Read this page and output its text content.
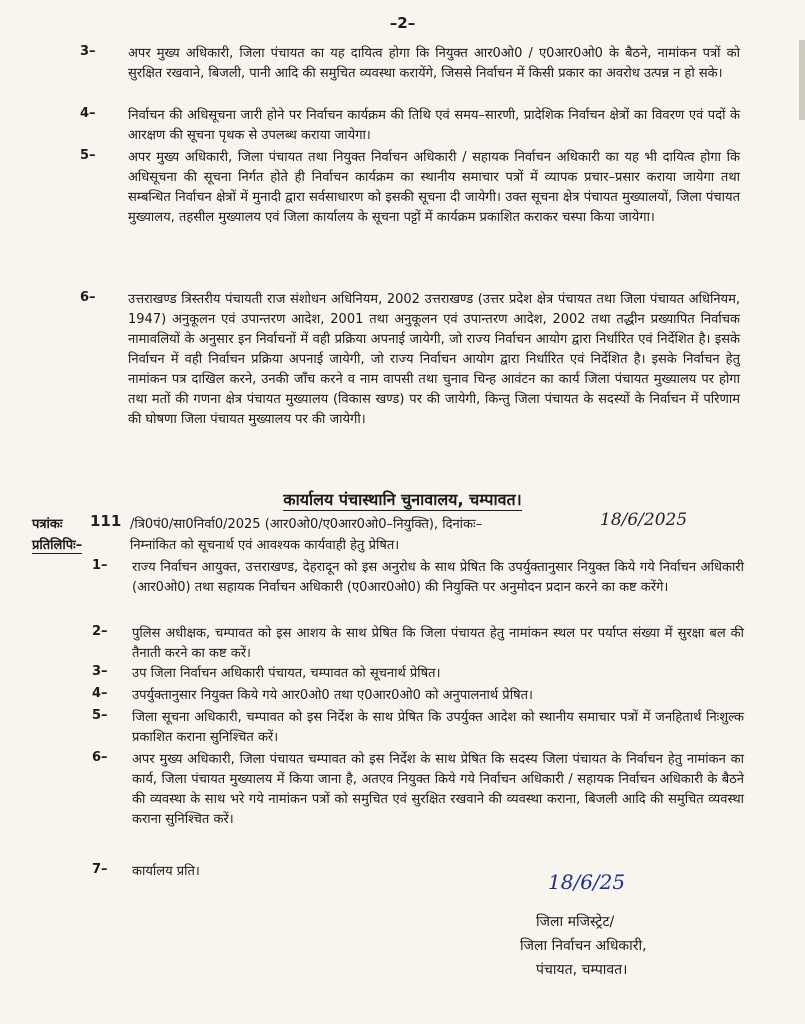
–2–
3– अपर मुख्य अधिकारी, जिला पंचायत का यह दायित्व होगा कि नियुक्त आर0ओ0 / ए0आर0ओ0 के बैठने, नामांकन पत्रों को सुरक्षित रखवाने, बिजली, पानी आदि की समुचित व्यवस्था करायेंगे, जिससे निर्वाचन में किसी प्रकार का अवरोध उत्पन्न न हो सके।
4– निर्वाचन की अधिसूचना जारी होने पर निर्वाचन कार्यक्रम की तिथि एवं समय–सारणी, प्रादेशिक निर्वाचन क्षेत्रों का विवरण एवं पदों के आरक्षण की सूचना पृथक से उपलब्ध कराया जायेगा।
5– अपर मुख्य अधिकारी, जिला पंचायत तथा नियुक्त निर्वाचन अधिकारी / सहायक निर्वाचन अधिकारी का यह भी दायित्व होगा कि अधिसूचना की सूचना निर्गत होते ही निर्वाचन कार्यक्रम का स्थानीय समाचार पत्रों में व्यापक प्रचार–प्रसार कराया जायेगा तथा सम्बन्धित निर्वाचन क्षेत्रों में मुनादी द्वारा सर्वसाधारण को इसकी सूचना दी जायेगी। उक्त सूचना क्षेत्र पंचायत मुख्यालयों, जिला पंचायत मुख्यालय, तहसील मुख्यालय एवं जिला कार्यालय के सूचना पट्टों में कार्यक्रम प्रकाशित कराकर चस्पा किया जायेगा।
6– उत्तराखण्ड त्रिस्तरीय पंचायती राज संशोधन अधिनियम, 2002 उत्तराखण्ड (उत्तर प्रदेश क्षेत्र पंचायत तथा जिला पंचायत अधिनियम, 1947) अनुकूलन एवं उपान्तरण आदेश, 2001 तथा अनुकूलन एवं उपान्तरण आदेश, 2002 तथा तद्धीन प्रख्यापित निर्वाचक नामावलियों के अनुसार इन निर्वाचनों में वही प्रक्रिया अपनाई जायेगी, जो राज्य निर्वाचन आयोग द्वारा निर्धारित एवं निर्देशित है। इसके निर्वाचन में वही निर्वाचन प्रक्रिया अपनाई जायेगी, जो राज्य निर्वाचन आयोग द्वारा निर्धारित एवं निर्देशित है। इसके निर्वाचन हेतु नामांकन पत्र दाखिल करने, उनकी जाँच करने व नाम वापसी तथा चुनाव चिन्ह आवंटन का कार्य जिला पंचायत मुख्यालय पर होगा तथा मतों की गणना क्षेत्र पंचायत मुख्यालय (विकास खण्ड) पर की जायेगी, किन्तु जिला पंचायत के सदस्यों के निर्वाचन में परिणाम की घोषणा जिला पंचायत मुख्यालय पर की जायेगी।
कार्यालय पंचास्थानि चुनावालय, चम्पावत।
पत्रांकः 111 /त्रि0पं0/सा0निर्वा0/2025 (आर0ओ0/ए0आर0ओ0–नियुक्ति), दिनांकः–	18/6/2025
प्रतिलिपिः–	निम्नांकित को सूचनार्थ एवं आवश्यक कार्यवाही हेतु प्रेषित।
1– राज्य निर्वाचन आयुक्त, उत्तराखण्ड, देहरादून को इस अनुरोध के साथ प्रेषित कि उपर्युक्तानुसार नियुक्त किये गये निर्वाचन अधिकारी (आर0ओ0) तथा सहायक निर्वाचन अधिकारी (ए0आर0ओ0) की नियुक्ति पर अनुमोदन प्रदान करने का कष्ट करेंगे।
2– पुलिस अधीक्षक, चम्पावत को इस आशय के साथ प्रेषित कि जिला पंचायत हेतु नामांकन स्थल पर पर्याप्त संख्या में सुरक्षा बल की तैनाती करने का कष्ट करें।
3– उप जिला निर्वाचन अधिकारी पंचायत, चम्पावत को सूचनार्थ प्रेषित।
4– उपर्युक्तानुसार नियुक्त किये गये आर0ओ0 तथा ए0आर0ओ0 को अनुपालनार्थ प्रेषित।
5– जिला सूचना अधिकारी, चम्पावत को इस निर्देश के साथ प्रेषित कि उपर्युक्त आदेश को स्थानीय समाचार पत्रों में जनहितार्थ निःशुल्क प्रकाशित कराना सुनिश्चित करें।
6– अपर मुख्य अधिकारी, जिला पंचायत चम्पावत को इस निर्देश के साथ प्रेषित कि सदस्य जिला पंचायत के निर्वाचन हेतु नामांकन का कार्य, जिला पंचायत मुख्यालय में किया जाना है, अतएव नियुक्त किये गये निर्वाचन अधिकारी / सहायक निर्वाचन अधिकारी के बैठने की व्यवस्था के साथ भरे गये नामांकन पत्रों को समुचित एवं सुरक्षित रखवाने की व्यवस्था कराना, बिजली आदि की समुचित व्यवस्था कराना सुनिश्चित करें।
7– कार्यालय प्रति।	18/6/25
जिला मजिस्ट्रेट/
जिला निर्वाचन अधिकारी,
पंचायत, चम्पावत।
